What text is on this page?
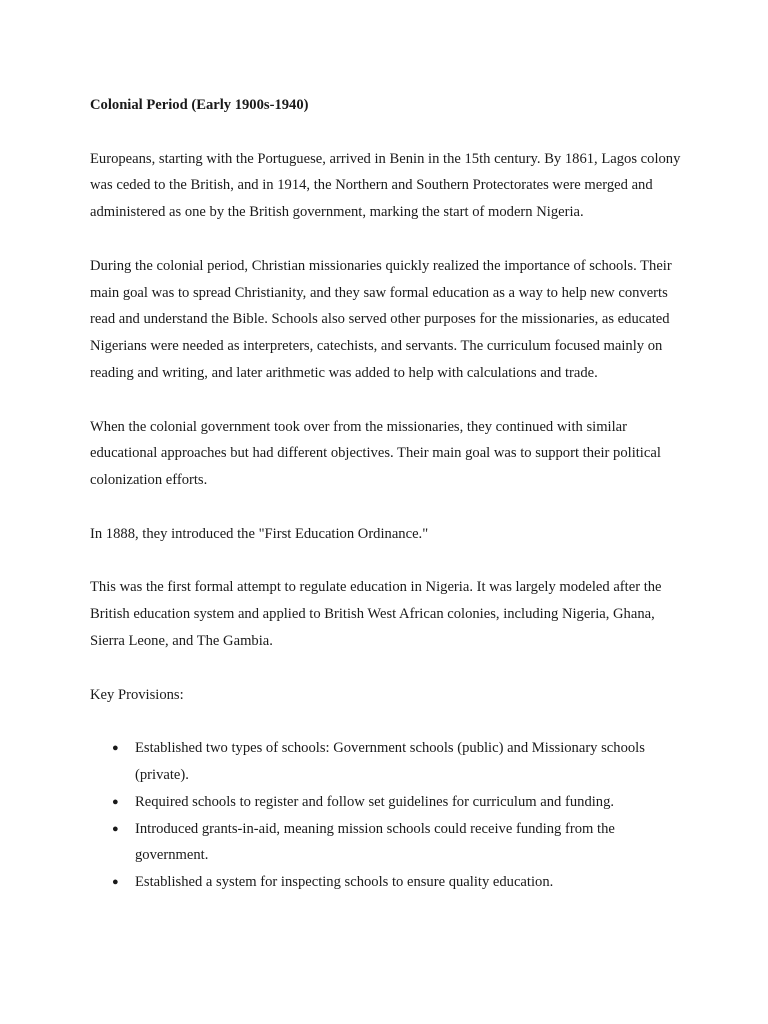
Colonial Period (Early 1900s-1940)

Europeans, starting with the Portuguese, arrived in Benin in the 15th century. By 1861, Lagos colony was ceded to the British, and in 1914, the Northern and Southern Protectorates were merged and administered as one by the British government, marking the start of modern Nigeria.

During the colonial period, Christian missionaries quickly realized the importance of schools. Their main goal was to spread Christianity, and they saw formal education as a way to help new converts read and understand the Bible. Schools also served other purposes for the missionaries, as educated Nigerians were needed as interpreters, catechists, and servants. The curriculum focused mainly on reading and writing, and later arithmetic was added to help with calculations and trade.

When the colonial government took over from the missionaries, they continued with similar educational approaches but had different objectives. Their main goal was to support their political colonization efforts.

In 1888, they introduced the "First Education Ordinance."

This was the first formal attempt to regulate education in Nigeria. It was largely modeled after the British education system and applied to British West African colonies, including Nigeria, Ghana, Sierra Leone, and The Gambia.

Key Provisions:

● Established two types of schools: Government schools (public) and Missionary schools (private).
● Required schools to register and follow set guidelines for curriculum and funding.
● Introduced grants-in-aid, meaning mission schools could receive funding from the government.
● Established a system for inspecting schools to ensure quality education.
